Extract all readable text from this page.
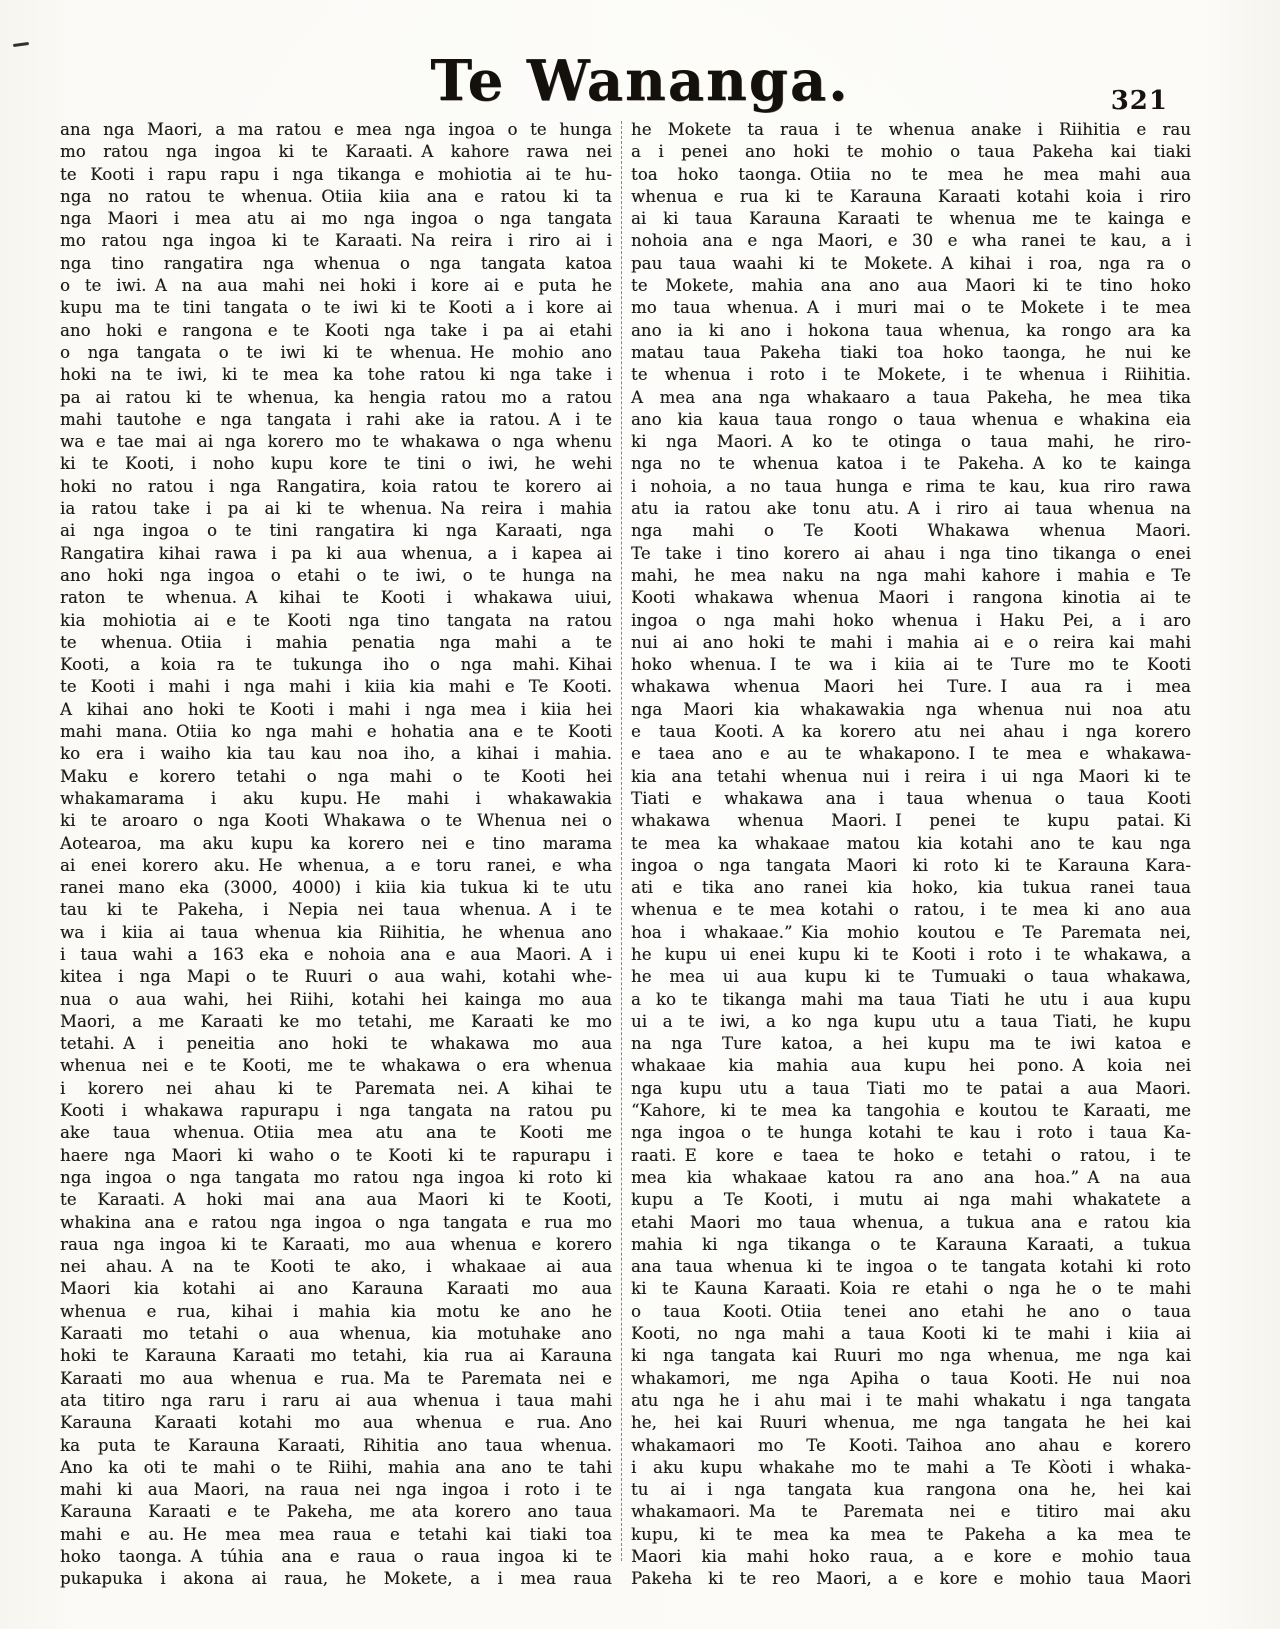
Te Wananga.	321
ana nga Maori, a ma ratou e mea nga ingoa o te hunga
mo ratou nga ingoa ki te Karaati. A kahore rawa nei
te Kooti i rapu rapu i nga tikanga e mohiotia ai te hu-
nga no ratou te whenua. Otiia kiia ana e ratou ki ta
nga Maori i mea atu ai mo nga ingoa o nga tangata
mo ratou nga ingoa ki te Karaati. Na reira i riro ai i
nga tino rangatira nga whenua o nga tangata katoa
o te iwi. A na aua mahi nei hoki i kore ai e puta he
kupu ma te tini tangata o te iwi ki te Kooti a i kore ai
ano hoki e rangona e te Kooti nga take i pa ai etahi
o nga tangata o te iwi ki te whenua. He mohio ano
hoki na te iwi, ki te mea ka tohe ratou ki nga take i
pa ai ratou ki te whenua, ka hengia ratou mo a ratou
mahi tautohe e nga tangata i rahi ake ia ratou. A i te
wa e tae mai ai nga korero mo te whakawa o nga whenu
ki te Kooti, i noho kupu kore te tini o iwi, he wehi
hoki no ratou i nga Rangatira, koia ratou te korero ai
ia ratou take i pa ai ki te whenua. Na reira i mahia
ai nga ingoa o te tini rangatira ki nga Karaati, nga
Rangatira kihai rawa i pa ki aua whenua, a i kapea ai
ano hoki nga ingoa o etahi o te iwi, o te hunga na
raton te whenua. A kihai te Kooti i whakawa uiui,
kia mohiotia ai e te Kooti nga tino tangata na ratou
te whenua. Otiia i mahia penatia nga mahi a te
Kooti, a koia ra te tukunga iho o nga mahi. Kihai
te Kooti i mahi i nga mahi i kiia kia mahi e Te Kooti.
A kihai ano hoki te Kooti i mahi i nga mea i kiia hei
mahi mana. Otiia ko nga mahi e hohatia ana e te Kooti
ko era i waiho kia tau kau noa iho, a kihai i mahia.
Maku e korero tetahi o nga mahi o te Kooti hei
whakamarama i aku kupu. He mahi i whakawakia
ki te aroaro o nga Kooti Whakawa o te Whenua nei o
Aotearoa, ma aku kupu ka korero nei e tino marama
ai enei korero aku. He whenua, a e toru ranei, e wha
ranei mano eka (3000, 4000) i kiia kia tukua ki te utu
tau ki te Pakeha, i Nepia nei taua whenua. A i te
wa i kiia ai taua whenua kia Riihitia, he whenua ano
i taua wahi a 163 eka e nohoia ana e aua Maori. A i
kitea i nga Mapi o te Ruuri o aua wahi, kotahi whe-
nua o aua wahi, hei Riihi, kotahi hei kainga mo aua
Maori, a me Karaati ke mo tetahi, me Karaati ke mo
tetahi. A i peneitia ano hoki te whakawa mo aua
whenua nei e te Kooti, me te whakawa o era whenua
i korero nei ahau ki te Paremata nei. A kihai te
Kooti i whakawa rapurapu i nga tangata na ratou pu
ake taua whenua. Otiia mea atu ana te Kooti me
haere nga Maori ki waho o te Kooti ki te rapurapu i
nga ingoa o nga tangata mo ratou nga ingoa ki roto ki
te Karaati. A hoki mai ana aua Maori ki te Kooti,
whakina ana e ratou nga ingoa o nga tangata e rua mo
raua nga ingoa ki te Karaati, mo aua whenua e korero
nei ahau. A na te Kooti te ako, i whakaae ai aua
Maori kia kotahi ai ano Karauna Karaati mo aua
whenua e rua, kihai i mahia kia motu ke ano he
Karaati mo tetahi o aua whenua, kia motuhake ano
hoki te Karauna Karaati mo tetahi, kia rua ai Karauna
Karaati mo aua whenua e rua. Ma te Paremata nei e
ata titiro nga raru i raru ai aua whenua i taua mahi
Karauna Karaati kotahi mo aua whenua e rua. Ano
ka puta te Karauna Karaati, Rihitia ano taua whenua.
Ano ka oti te mahi o te Riihi, mahia ana ano te tahi
mahi ki aua Maori, na raua nei nga ingoa i roto i te
Karauna Karaati e te Pakeha, me ata korero ano taua
mahi e au. He mea mea raua e tetahi kai tiaki toa
hoko taonga. A túhia ana e raua o raua ingoa ki te
pukapuka i akona ai raua, he Mokete, a i mea raua
he Mokete ta raua i te whenua anake i Riihitia e rau
a i penei ano hoki te mohio o taua Pakeha kai tiaki
toa hoko taonga. Otiia no te mea he mea mahi aua
whenua e rua ki te Karauna Karaati kotahi koia i riro
ai ki taua Karauna Karaati te whenua me te kainga e
nohoia ana e nga Maori, e 30 e wha ranei te kau, a i
pau taua waahi ki te Mokete. A kihai i roa, nga ra o
te Mokete, mahia ana ano aua Maori ki te tino hoko
mo taua whenua. A i muri mai o te Mokete i te mea
ano ia ki ano i hokona taua whenua, ka rongo ara ka
matau taua Pakeha tiaki toa hoko taonga, he nui ke
te whenua i roto i te Mokete, i te whenua i Riihitia.
A mea ana nga whakaaro a taua Pakeha, he mea tika
ano kia kaua taua rongo o taua whenua e whakina eia
ki nga Maori. A ko te otinga o taua mahi, he riro-
nga no te whenua katoa i te Pakeha. A ko te kainga
i nohoia, a no taua hunga e rima te kau, kua riro rawa
atu ia ratou ake tonu atu. A i riro ai taua whenua na
nga mahi o Te Kooti Whakawa whenua Maori.
Te take i tino korero ai ahau i nga tino tikanga o enei
mahi, he mea naku na nga mahi kahore i mahia e Te
Kooti whakawa whenua Maori i rangona kinotia ai te
ingoa o nga mahi hoko whenua i Haku Pei, a i aro
nui ai ano hoki te mahi i mahia ai e o reira kai mahi
hoko whenua. I te wa i kiia ai te Ture mo te Kooti
whakawa whenua Maori hei Ture. I aua ra i mea
nga Maori kia whakawakia nga whenua nui noa atu
e taua Kooti. A ka korero atu nei ahau i nga korero
e taea ano e au te whakapono. I te mea e whakawa-
kia ana tetahi whenua nui i reira i ui nga Maori ki te
Tiati e whakawa ana i taua whenua o taua Kooti
whakawa whenua Maori. I penei te kupu patai. Ki
te mea ka whakaae matou kia kotahi ano te kau nga
ingoa o nga tangata Maori ki roto ki te Karauna Kara-
ati e tika ano ranei kia hoko, kia tukua ranei taua
whenua e te mea kotahi o ratou, i te mea ki ano aua
hoa i whakaae.” Kia mohio koutou e Te Paremata nei,
he kupu ui enei kupu ki te Kooti i roto i te whakawa, a
he mea ui aua kupu ki te Tumuaki o taua whakawa,
a ko te tikanga mahi ma taua Tiati he utu i aua kupu
ui a te iwi, a ko nga kupu utu a taua Tiati, he kupu
na nga Ture katoa, a hei kupu ma te iwi katoa e
whakaae kia mahia aua kupu hei pono. A koia nei
nga kupu utu a taua Tiati mo te patai a aua Maori.
“Kahore, ki te mea ka tangohia e koutou te Karaati, me
nga ingoa o te hunga kotahi te kau i roto i taua Ka-
raati. E kore e taea te hoko e tetahi o ratou, i te
mea kia whakaae katou ra ano ana hoa.” A na aua
kupu a Te Kooti, i mutu ai nga mahi whakatete a
etahi Maori mo taua whenua, a tukua ana e ratou kia
mahia ki nga tikanga o te Karauna Karaati, a tukua
ana taua whenua ki te ingoa o te tangata kotahi ki roto
ki te Kauna Karaati. Koia re etahi o nga he o te mahi
o taua Kooti. Otiia tenei ano etahi he ano o taua
Kooti, no nga mahi a taua Kooti ki te mahi i kiia ai
ki nga tangata kai Ruuri mo nga whenua, me nga kai
whakamori, me nga Apiha o taua Kooti. He nui noa
atu nga he i ahu mai i te mahi whakatu i nga tangata
he, hei kai Ruuri whenua, me nga tangata he hei kai
whakamaori mo Te Kooti. Taihoa ano ahau e korero
i aku kupu whakahe mo te mahi a Te Kòoti i whaka-
tu ai i nga tangata kua rangona ona he, hei kai
whakamaori. Ma te Paremata nei e titiro mai aku
kupu, ki te mea ka mea te Pakeha a ka mea te
Maori kia mahi hoko raua, a e kore e mohio taua
Pakeha ki te reo Maori, a e kore e mohio taua Maori
